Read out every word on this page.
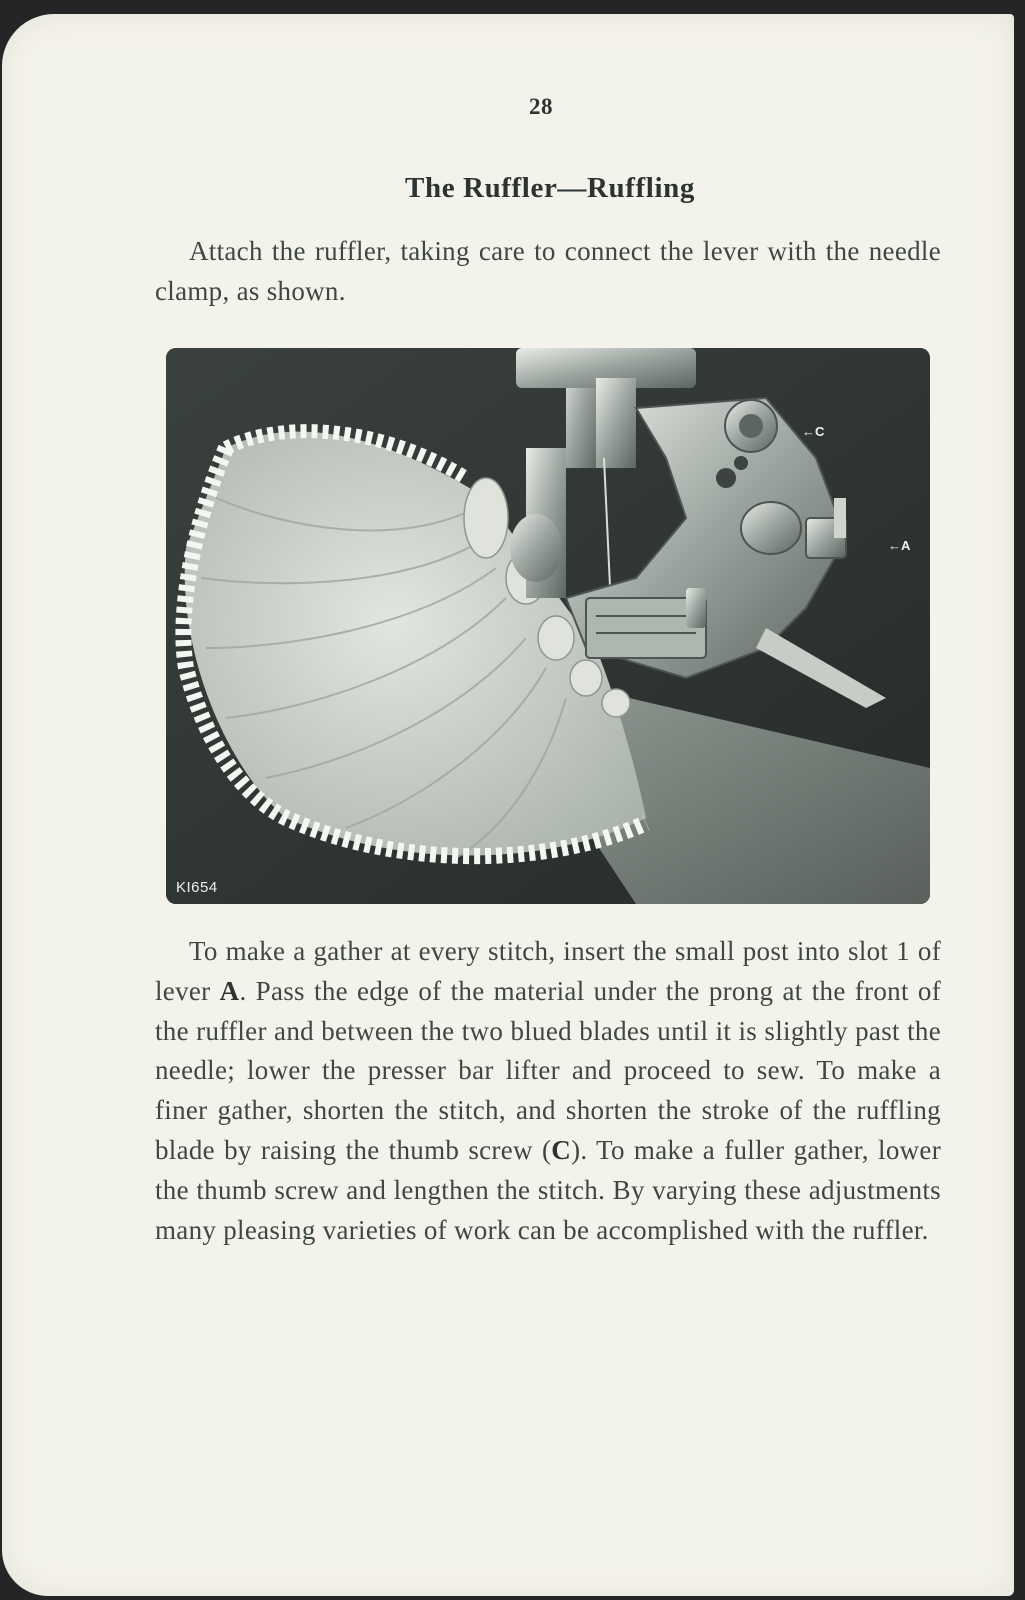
28
The Ruffler—Ruffling
Attach the ruffler, taking care to connect the lever with the needle clamp, as shown.
←C
←A
KI654
To make a gather at every stitch, insert the small post into slot 1 of lever A. Pass the edge of the material under the prong at the front of the ruffler and between the two blued blades until it is slightly past the needle; lower the presser bar lifter and proceed to sew. To make a finer gather, shorten the stitch, and shorten the stroke of the ruffling blade by raising the thumb screw (C). To make a fuller gather, lower the thumb screw and lengthen the stitch. By varying these adjustments many pleasing varieties of work can be accomplished with the ruffler.
